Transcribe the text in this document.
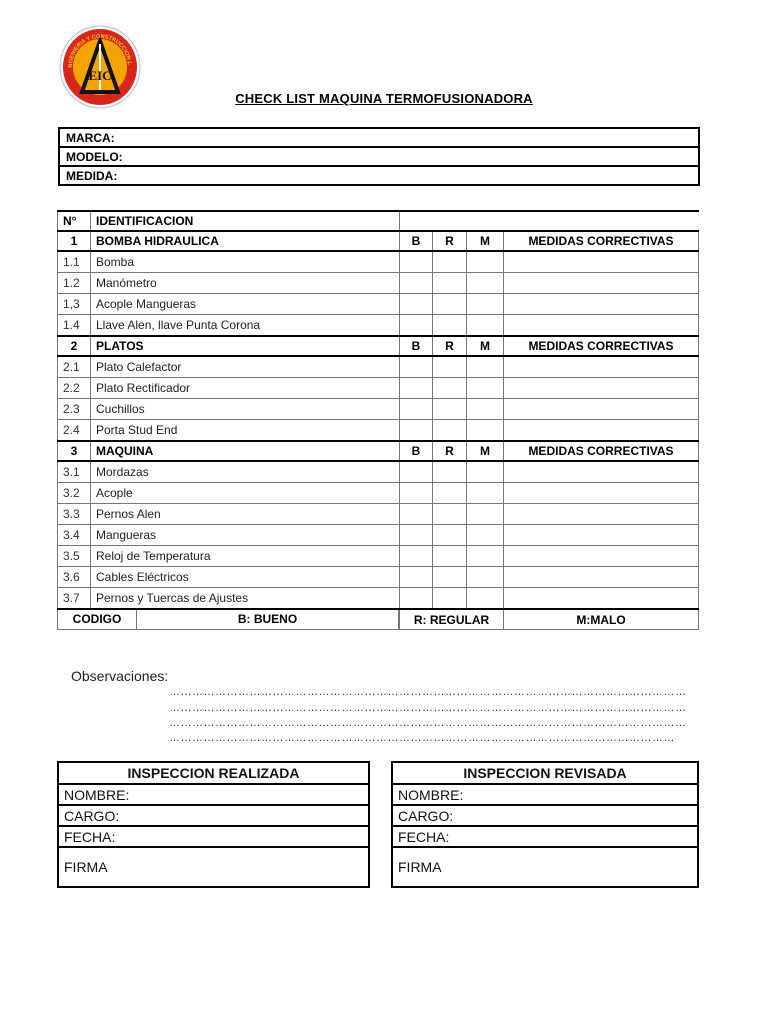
EIC
NGENIERIA Y CONSTRUCCION L
CHECK LIST MAQUINA TERMOFUSIONADORA
MARCA:
MODELO:
MEDIDA:
N°	IDENTIFICACION				
1	BOMBA HIDRAULICA	B	R	M	MEDIDAS CORRECTIVAS
1.1	Bomba				
1.2	Manómetro				
1,3	Acople Mangueras				
1.4	Llave Alen, llave Punta Corona				
2	PLATOS	B	R	M	MEDIDAS CORRECTIVAS
2.1	Plato Calefactor				
2.2	Plato Rectificador				
2.3	Cuchillos				
2.4	Porta Stud End				
3	MAQUINA	B	R	M	MEDIDAS CORRECTIVAS
3.1	Mordazas				
3.2	Acople				
3.3	Pernos Alen				
3.4	Mangueras				
3.5	Reloj de Temperatura				
3.6	Cables Eléctricos				
3.7	Pernos y Tuercas de Ajustes				

CODIGO B: BUENO		R: REGULAR			M:MALO
Observaciones:
………………………………………………………………………………………………………………………
………………………………………………………………………………………………………………………
………………………………………………………………………………………………………………………
……………………………………………………………………………………………………………………
INSPECCION REALIZADA
NOMBRE:
CARGO:
FECHA:
FIRMA
INSPECCION REVISADA
NOMBRE:
CARGO:
FECHA:
FIRMA
